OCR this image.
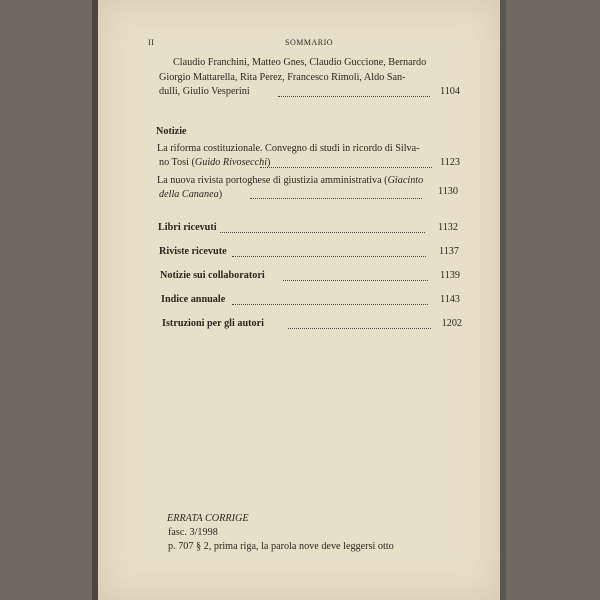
II	SOMMARIO
Claudio Franchini, Matteo Gnes, Claudio Guccione, Bernardo
Giorgio Mattarella, Rita Perez, Francesco Rimoli, Aldo San-
dulli, Giulio Vesperini	1104
Notizie
La riforma costituzionale. Convegno di studi in ricordo di Silva-
no Tosi (Guido Rivosecchi)	1123
La nuova rivista portoghese di giustizia amministrativa (Giacinto
della Cananea)	1130
Libri ricevuti	1132
Riviste ricevute	1137
Notizie sui collaboratori	1139
Indice annuale	1143
Istruzioni per gli autori	1202
ERRATA CORRIGE
fasc. 3/1998
p. 707 § 2, prima riga, la parola nove deve leggersi otto
